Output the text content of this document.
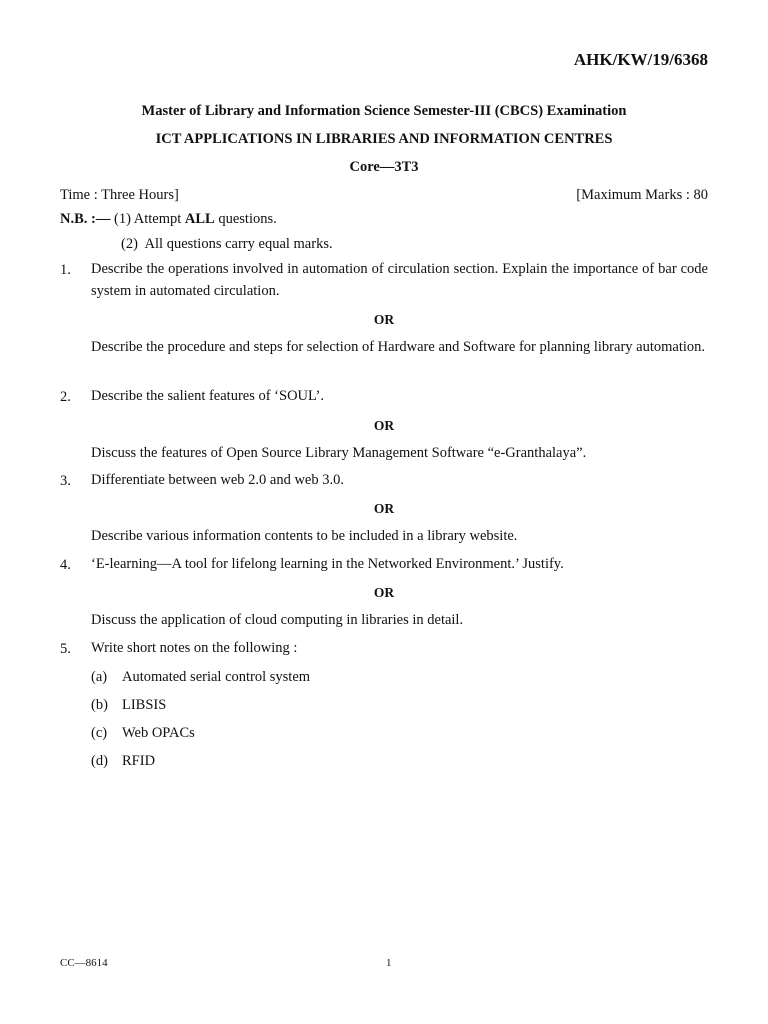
AHK/KW/19/6368
Master of Library and Information Science Semester-III (CBCS) Examination
ICT APPLICATIONS IN LIBRARIES AND INFORMATION CENTRES
Core—3T3
Time : Three Hours]	[Maximum Marks : 80
N.B. :— (1) Attempt ALL questions.
(2) All questions carry equal marks.
1. Describe the operations involved in automation of circulation section. Explain the importance of bar code system in automated circulation.
OR
Describe the procedure and steps for selection of Hardware and Software for planning library automation.
2. Describe the salient features of ‘SOUL’.
OR
Discuss the features of Open Source Library Management Software “e-Granthalaya”.
3. Differentiate between web 2.0 and web 3.0.
OR
Describe various information contents to be included in a library website.
4. ‘E-learning—A tool for lifelong learning in the Networked Environment.’ Justify.
OR
Discuss the application of cloud computing in libraries in detail.
5. Write short notes on the following :
(a) Automated serial control system
(b) LIBSIS
(c) Web OPACs
(d) RFID
CC—8614	1
